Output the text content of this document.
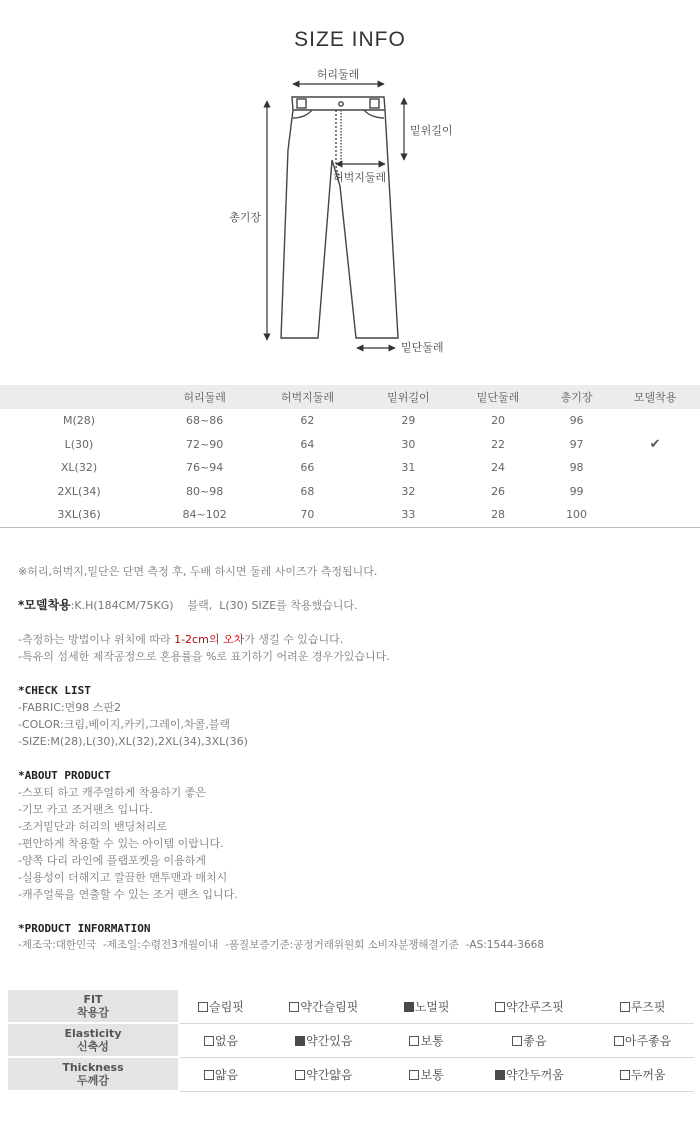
SIZE INFO
허리둘레
밑위길이
허벅지둘레
총기장
밑단둘레
	허리둘레	허벅지둘레	밑위길이	밑단둘레	총기장	모델착용
M(28)	68~86	62	29	20	96	
L(30)	72~90	64	30	22	97	✔
XL(32)	76~94	66	31	24	98	
2XL(34)	80~98	68	32	26	99	
3XL(36)	84~102	70	33	28	100	
※허리,허벅지,밑단은 단면 측정 후, 두배 하시면 둘레 사이즈가 측정됩니다.
*모델착용:K.H(184CM/75KG)    블랙,  L(30) SIZE를 착용했습니다.
-측정하는 방법이나 위치에 따라 1-2cm의 오차가 생길 수 있습니다.
-특유의 섬세한 제작공정으로 혼용률을 %로 표기하기 어려운 경우가있습니다.
*CHECK LIST
-FABRIC:면98 스판2
-COLOR:크림,베이지,카키,그레이,차콜,블랙
-SIZE:M(28),L(30),XL(32),2XL(34),3XL(36)
*ABOUT PRODUCT
-스포티 하고 캐주얼하게 착용하기 좋은
-기모 카고 조거팬츠 입니다.
-조거밑단과 허리의 밴딩처리로
-편안하게 착용할 수 있는 아이템 이랍니다.
-양쪽 다리 라인에 플랩포켓을 이용하게
-실용성이 더해지고 깔끔한 맨투맨과 매치시
-캐주얼룩을 연출할 수 있는 조거 팬츠 입니다.
*PRODUCT INFORMATION
-제조국:대한민국  -제조일:수령전3개월이내  -품질보증기준:공정거래위원회 소비자분쟁해결기준  -AS:1544-3668
FIT
착용감	슬림핏	약간슬림핏	노멀핏	약간루즈핏	루즈핏

Elasticity
신축성	없음	약간있음	보통	좋음	아주좋음

Thickness
두께감	얇음	약간얇음	보통	약간두꺼움	두꺼움
